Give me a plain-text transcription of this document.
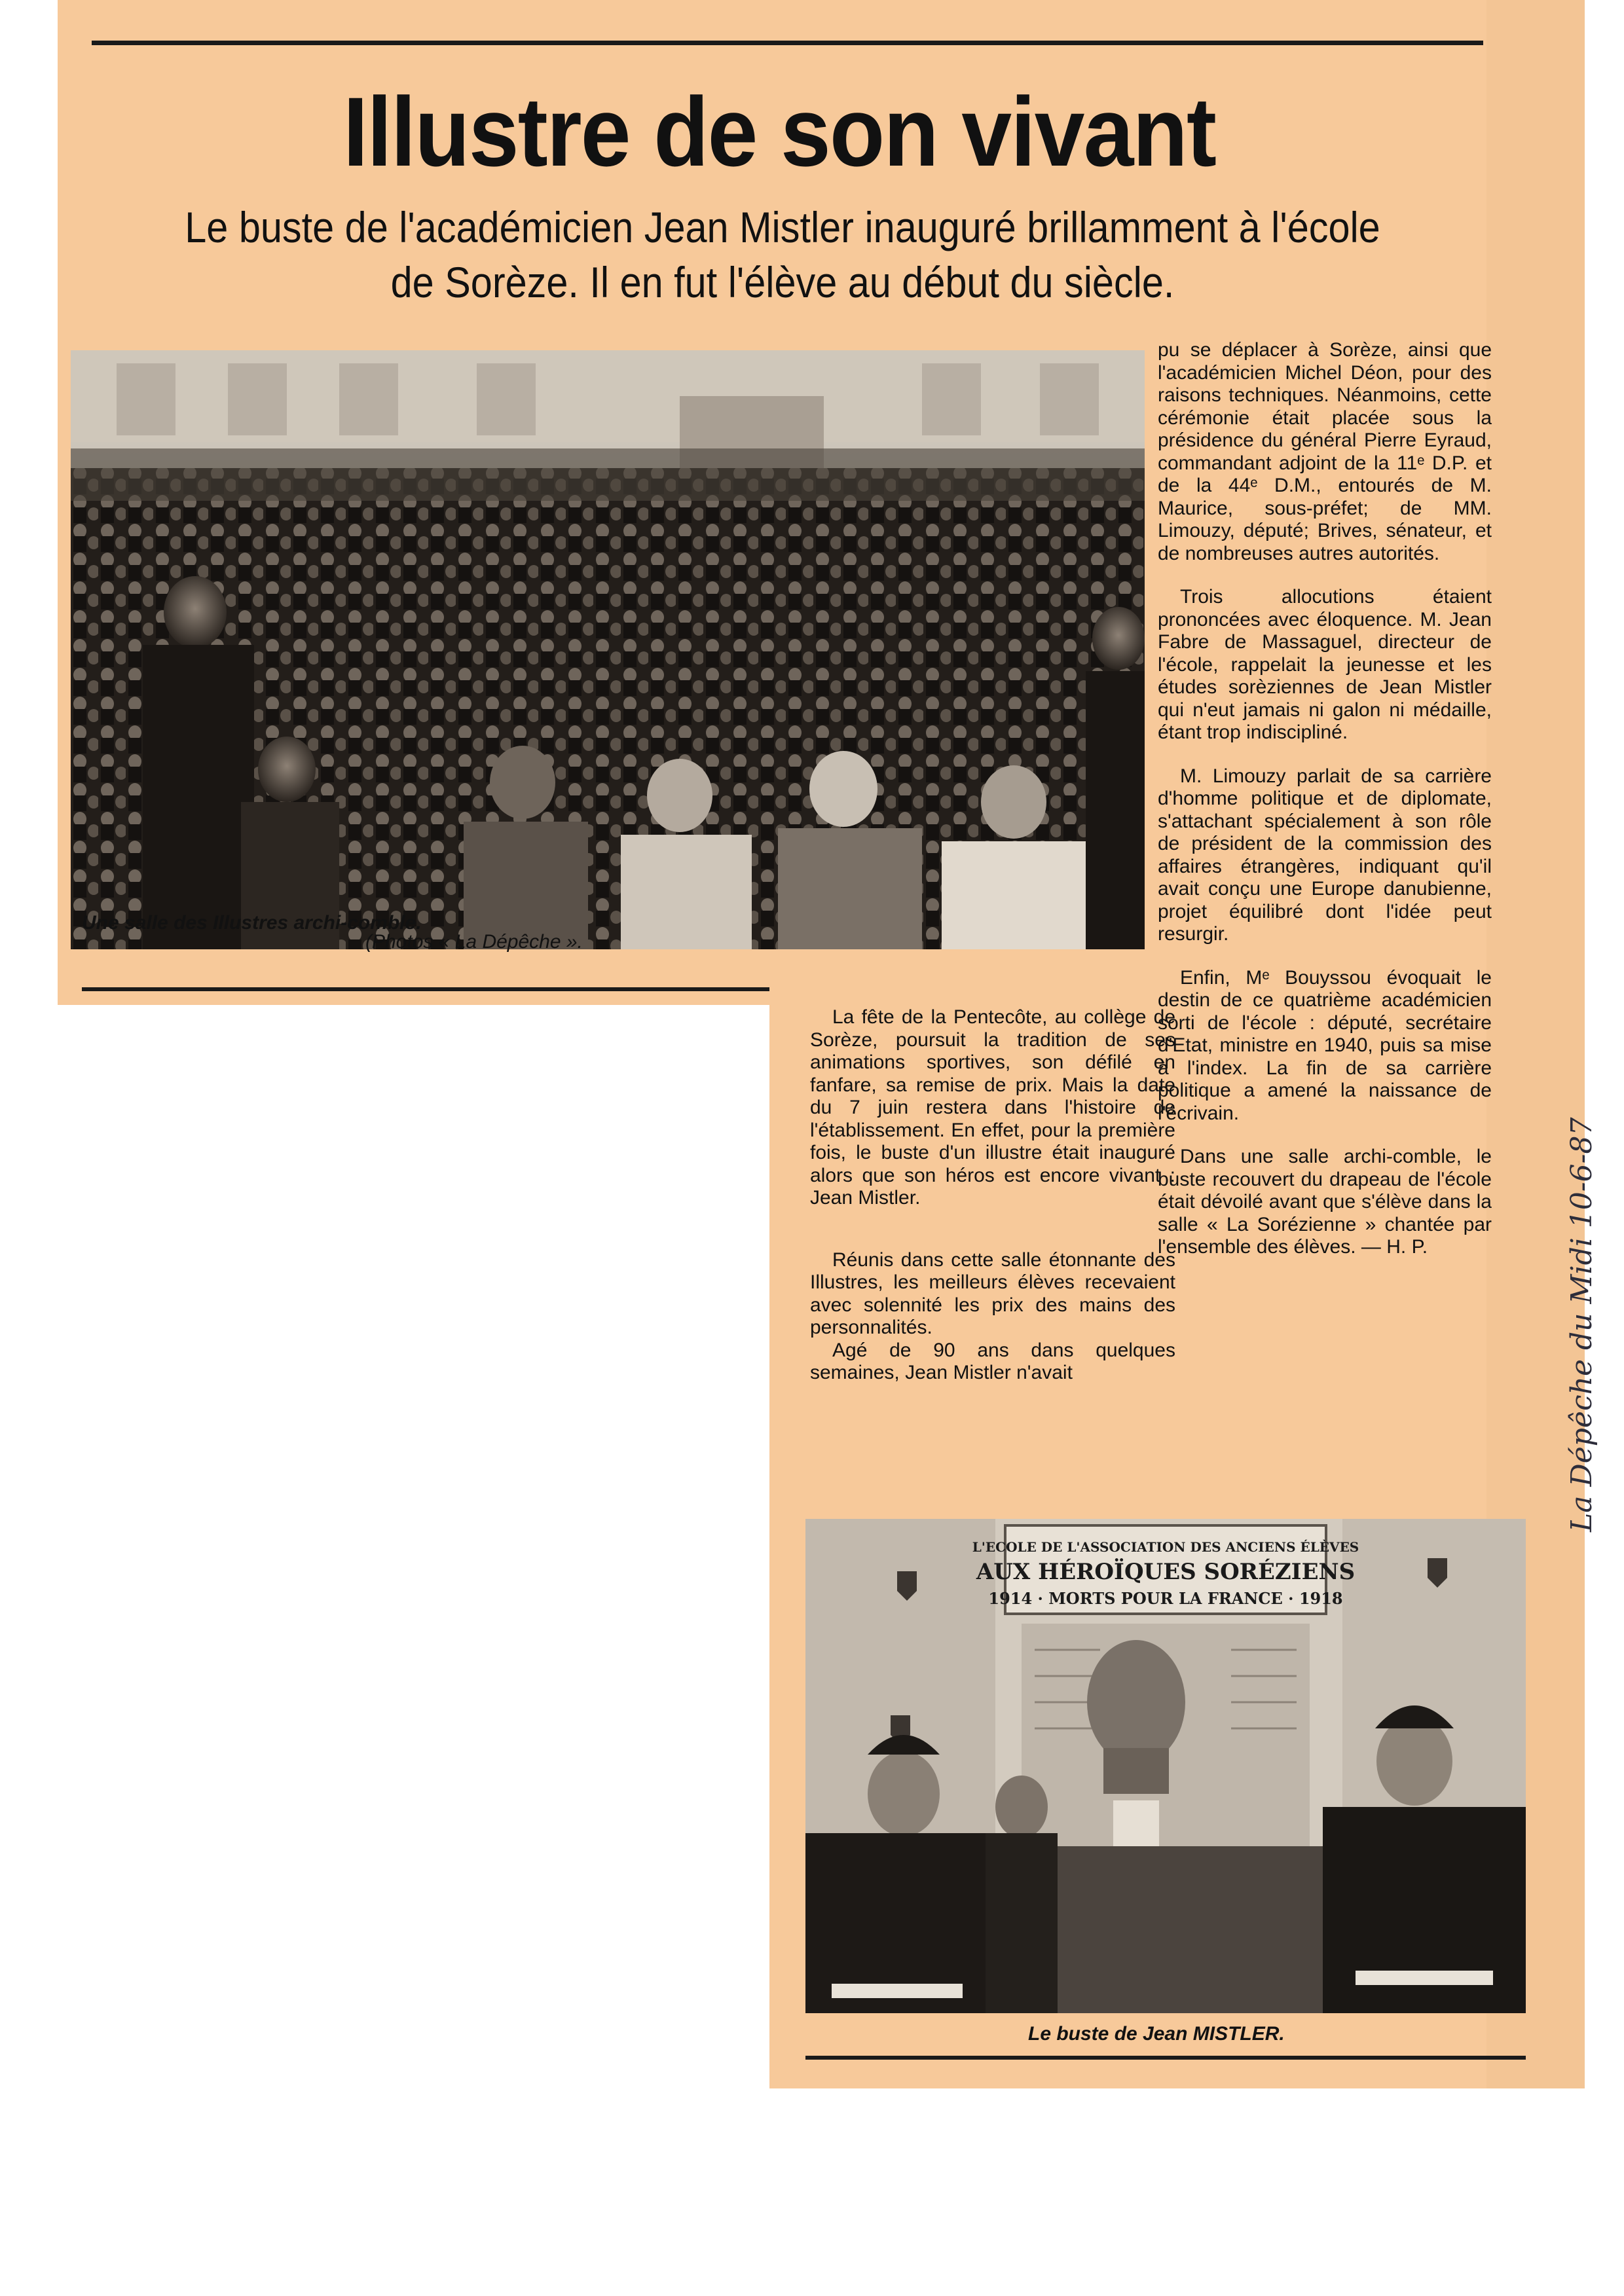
Illustre de son vivant
Le buste de l'académicien Jean Mistler inauguré brillamment à l'école
de Sorèze. Il en fut l'élève au début du siècle.
Une salle des Illustres archi-comble.
(Photos « La Dépêche ».

pu se déplacer à Sorèze, ainsi que l'académicien Michel Déon, pour des raisons techniques. Néanmoins, cette cérémonie était placée sous la présidence du général Pierre Eyraud, commandant adjoint de la 11ᵉ D.P. et de la 44ᵉ D.M., entourés de M. Maurice, sous-préfet; de MM. Limouzy, député; Brives, sénateur, et de nombreuses autres autorités.

Trois allocutions étaient prononcées avec éloquence. M. Jean Fabre de Massaguel, directeur de l'école, rappelait la jeunesse et les études sorèziennes de Jean Mistler qui n'eut jamais ni galon ni médaille, étant trop indiscipliné.

M. Limouzy parlait de sa carrière d'homme politique et de diplomate, s'attachant spécialement à son rôle de président de la commission des affaires étrangères, indiquant qu'il avait conçu une Europe danubienne, projet équilibré dont l'idée peut resurgir.

Enfin, Mᵉ Bouyssou évoquait le destin de ce quatrième académicien sorti de l'école : député, secrétaire d'Etat, ministre en 1940, puis sa mise à l'index. La fin de sa carrière politique a amené la naissance de l'écrivain.

Dans une salle archi-comble, le buste recouvert du drapeau de l'école était dévoilé avant que s'élève dans la salle « La Sorézienne » chantée par l'ensemble des élèves. — H. P.

La fête de la Pentecôte, au collège de Sorèze, poursuit la tradition de ses animations sportives, son défilé en fanfare, sa remise de prix. Mais la date du 7 juin restera dans l'histoire de l'établissement. En effet, pour la première fois, le buste d'un illustre était inauguré alors que son héros est encore vivant : Jean Mistler.

Réunis dans cette salle étonnante des Illustres, les meilleurs élèves recevaient avec solennité les prix des mains des personnalités.

Agé de 90 ans dans quelques semaines, Jean Mistler n'avait

L'ECOLE DE L'ASSOCIATION DES ANCIENS ÉLÈVES
AUX HÉROÏQUES SORÉZIENS
1914 · MORTS POUR LA FRANCE · 1918
Le buste de Jean MISTLER.
La Dépêche du Midi 10-6-87
